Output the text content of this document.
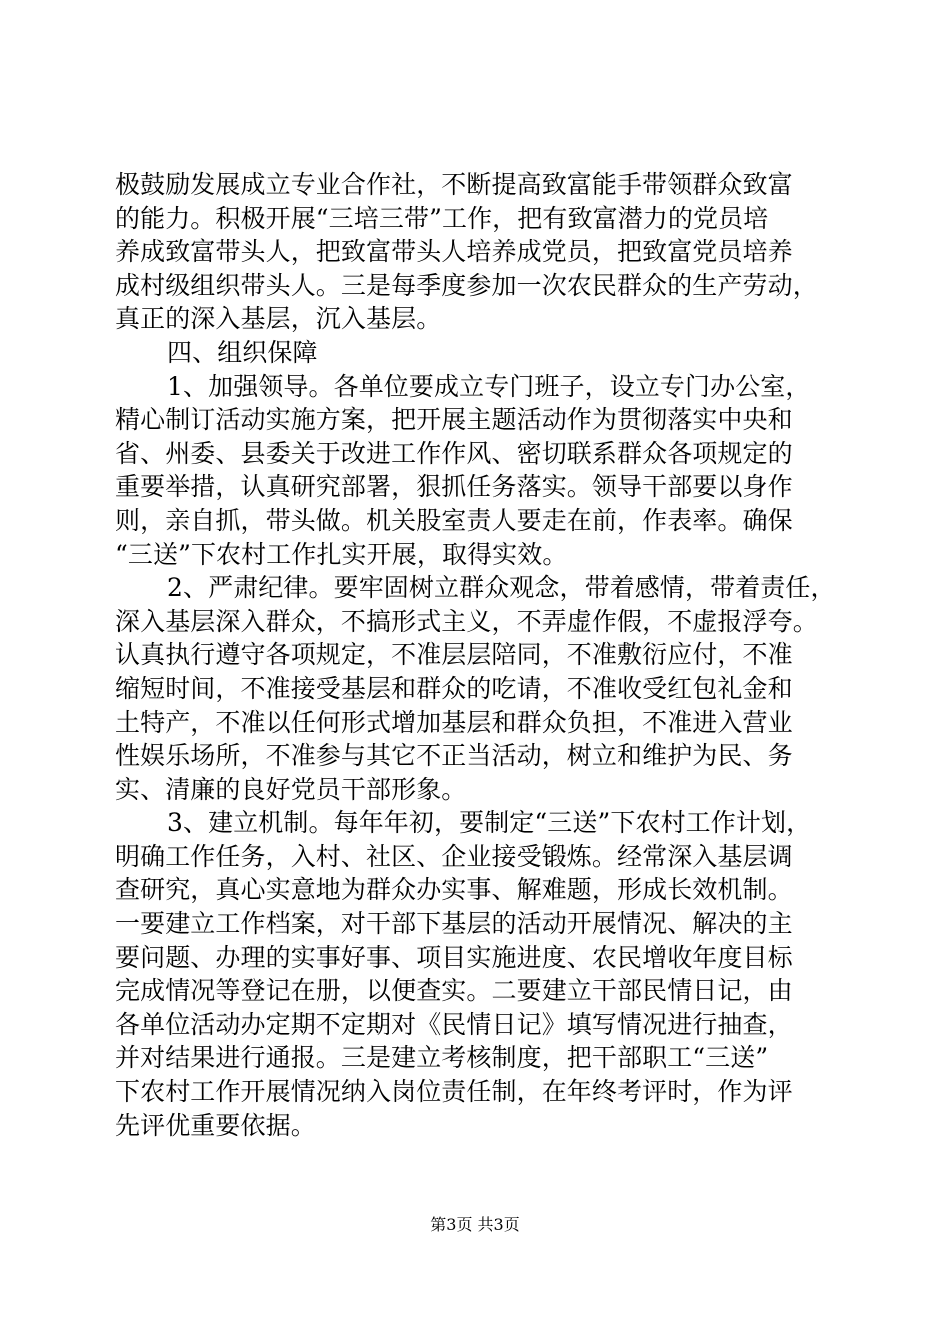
极鼓励发展成立专业合作社，不断提高致富能手带领群众致富
的能力。积极开展“三培三带”工作，把有致富潜力的党员培
养成致富带头人，把致富带头人培养成党员，把致富党员培养
成村级组织带头人。三是每季度参加一次农民群众的生产劳动，
真正的深入基层，沉入基层。
四、组织保障
1、加强领导。各单位要成立专门班子，设立专门办公室，
精心制订活动实施方案，把开展主题活动作为贯彻落实中央和
省、州委、县委关于改进工作作风、密切联系群众各项规定的
重要举措，认真研究部署，狠抓任务落实。领导干部要以身作
则，亲自抓，带头做。机关股室责人要走在前，作表率。确保
“三送”下农村工作扎实开展，取得实效。
2、严肃纪律。要牢固树立群众观念，带着感情，带着责任，
深入基层深入群众，不搞形式主义，不弄虚作假，不虚报浮夸。
认真执行遵守各项规定，不准层层陪同，不准敷衍应付，不准
缩短时间，不准接受基层和群众的吃请，不准收受红包礼金和
土特产，不准以任何形式增加基层和群众负担，不准进入营业
性娱乐场所，不准参与其它不正当活动，树立和维护为民、务
实、清廉的良好党员干部形象。
3、建立机制。每年年初，要制定“三送”下农村工作计划，
明确工作任务，入村、社区、企业接受锻炼。经常深入基层调
查研究，真心实意地为群众办实事、解难题，形成长效机制。
一要建立工作档案，对干部下基层的活动开展情况、解决的主
要问题、办理的实事好事、项目实施进度、农民增收年度目标
完成情况等登记在册，以便查实。二要建立干部民情日记，由
各单位活动办定期不定期对《民情日记》填写情况进行抽查，
并对结果进行通报。三是建立考核制度，把干部职工“三送”
下农村工作开展情况纳入岗位责任制，在年终考评时，作为评
先评优重要依据。
第3页 共3页
